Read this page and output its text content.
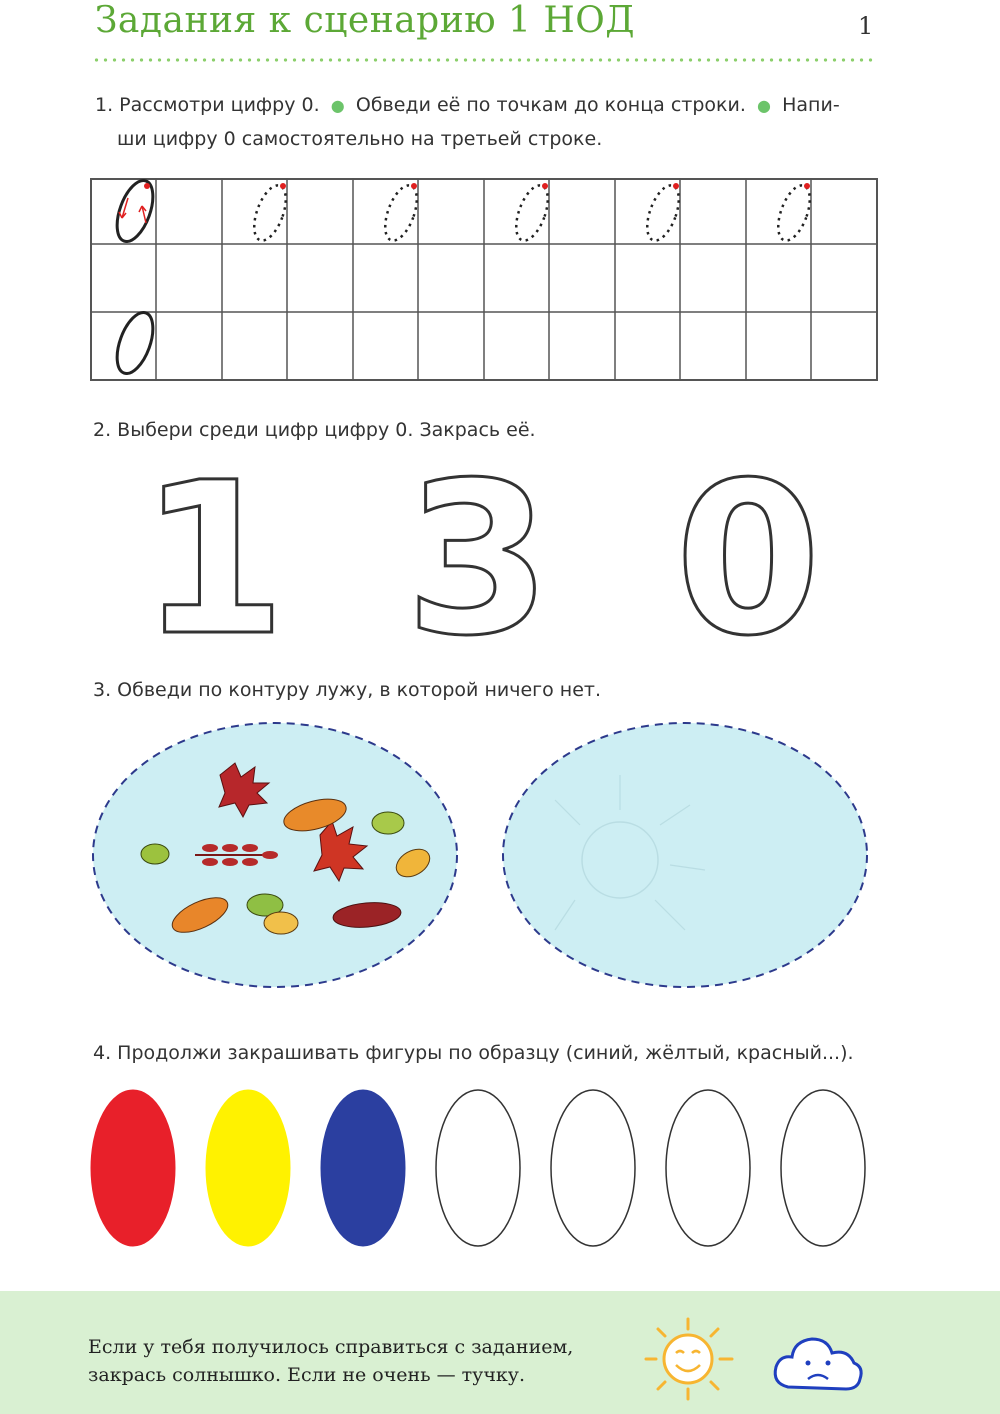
Задания к сценарию 1 НОД	1
1. Рассмотри цифру 0.  ●  Обведи её по точкам до конца строки.  ●  Напи-
ши цифру 0 самостоятельно на третьей строке.
2. Выбери среди цифр цифру 0. Закрась её.
1 3 0
3. Обведи по контуру лужу, в которой ничего нет.
4. Продолжи закрашивать фигуры по образцу (синий, жёлтый, красный...).
Если у тебя получилось справиться с заданием,
закрась солнышко. Если не очень — тучку.
